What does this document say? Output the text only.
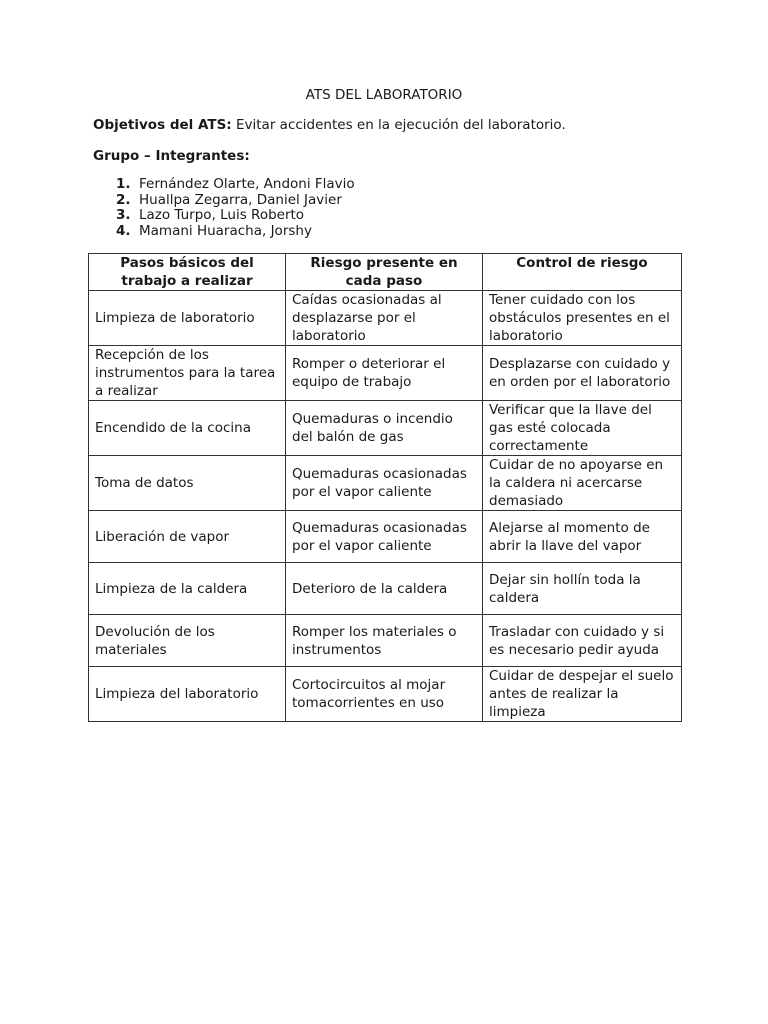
ATS DEL LABORATORIO
Objetivos del ATS: Evitar accidentes en la ejecución del laboratorio.
Grupo – Integrantes:
1. Fernández Olarte, Andoni Flavio
2. Huallpa Zegarra, Daniel Javier
3. Lazo Turpo, Luis Roberto
4. Mamani Huaracha, Jorshy
Pasos básicos del trabajo a realizar	Riesgo presente en cada paso	Control de riesgo
Limpieza de laboratorio	Caídas ocasionadas al desplazarse por el laboratorio	Tener cuidado con los obstáculos presentes en el laboratorio
Recepción de los instrumentos para la tarea a realizar	Romper o deteriorar el equipo de trabajo	Desplazarse con cuidado y en orden por el laboratorio
Encendido de la cocina	Quemaduras o incendio del balón de gas	Verificar que la llave del gas esté colocada correctamente
Toma de datos	Quemaduras ocasionadas por el vapor caliente	Cuidar de no apoyarse en la caldera ni acercarse demasiado
Liberación de vapor	Quemaduras ocasionadas por el vapor caliente	Alejarse al momento de abrir la llave del vapor
Limpieza de la caldera	Deterioro de la caldera	Dejar sin hollín toda la caldera
Devolución de los materiales	Romper los materiales o instrumentos	Trasladar con cuidado y si es necesario pedir ayuda
Limpieza del laboratorio	Cortocircuitos al mojar tomacorrientes en uso	Cuidar de despejar el suelo antes de realizar la limpieza
